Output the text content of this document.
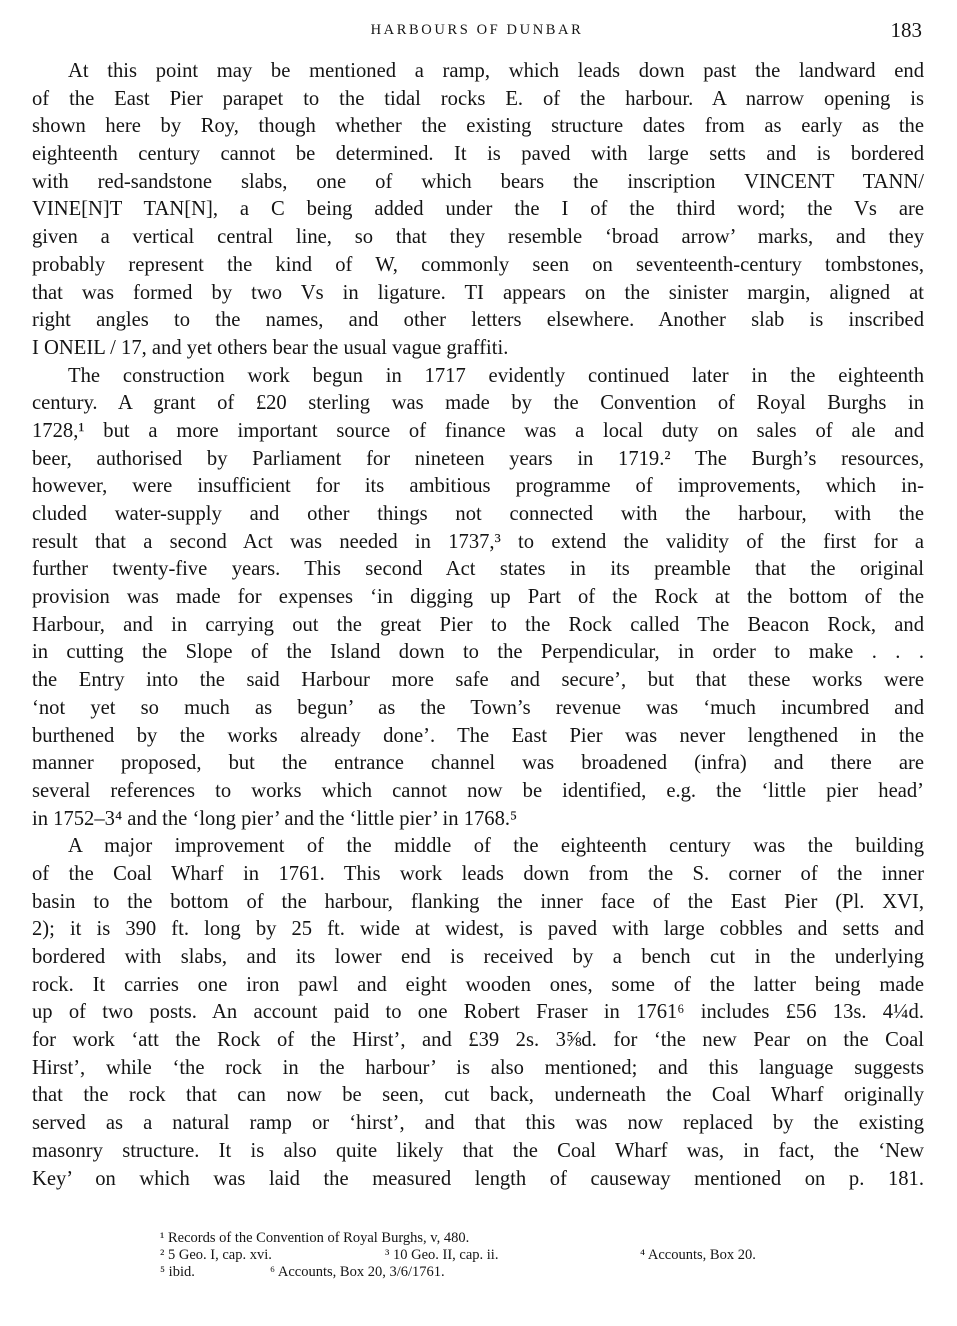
HARBOURS OF DUNBAR	183
At this point may be mentioned a ramp, which leads down past the landward end
of the East Pier parapet to the tidal rocks E. of the harbour. A narrow opening is
shown here by Roy, though whether the existing structure dates from as early as the
eighteenth century cannot be determined. It is paved with large setts and is bordered
with red-sandstone slabs, one of which bears the inscription VINCENT TANN/
VINE[N]T TAN[N], a C being added under the I of the third word; the Vs are
given a vertical central line, so that they resemble ‘broad arrow’ marks, and they
probably represent the kind of W, commonly seen on seventeenth-century tombstones,
that was formed by two Vs in ligature. TI appears on the sinister margin, aligned at
right angles to the names, and other letters elsewhere. Another slab is inscribed
I ONEIL / 17, and yet others bear the usual vague graffiti.
The construction work begun in 1717 evidently continued later in the eighteenth
century. A grant of £20 sterling was made by the Convention of Royal Burghs in
1728,¹ but a more important source of finance was a local duty on sales of ale and
beer, authorised by Parliament for nineteen years in 1719.² The Burgh’s resources,
however, were insufficient for its ambitious programme of improvements, which in-
cluded water-supply and other things not connected with the harbour, with the
result that a second Act was needed in 1737,³ to extend the validity of the first for a
further twenty-five years. This second Act states in its preamble that the original
provision was made for expenses ‘in digging up Part of the Rock at the bottom of the
Harbour, and in carrying out the great Pier to the Rock called The Beacon Rock, and
in cutting the Slope of the Island down to the Perpendicular, in order to make . . .
the Entry into the said Harbour more safe and secure’, but that these works were
‘not yet so much as begun’ as the Town’s revenue was ‘much incumbred and
burthened by the works already done’. The East Pier was never lengthened in the
manner proposed, but the entrance channel was broadened (infra) and there are
several references to works which cannot now be identified, e.g. the ‘little pier head’
in 1752–3⁴ and the ‘long pier’ and the ‘little pier’ in 1768.⁵
A major improvement of the middle of the eighteenth century was the building
of the Coal Wharf in 1761. This work leads down from the S. corner of the inner
basin to the bottom of the harbour, flanking the inner face of the East Pier (Pl. XVI,
2); it is 390 ft. long by 25 ft. wide at widest, is paved with large cobbles and setts and
bordered with slabs, and its lower end is received by a bench cut in the underlying
rock. It carries one iron pawl and eight wooden ones, some of the latter being made
up of two posts. An account paid to one Robert Fraser in 1761⁶ includes £56 13s. 4¼d.
for work ‘att the Rock of the Hirst’, and £39 2s. 3⅝d. for ‘the new Pear on the Coal
Hirst’, while ‘the rock in the harbour’ is also mentioned; and this language suggests
that the rock that can now be seen, cut back, underneath the Coal Wharf originally
served as a natural ramp or ‘hirst’, and that this was now replaced by the existing
masonry structure. It is also quite likely that the Coal Wharf was, in fact, the ‘New
Key’ on which was laid the measured length of causeway mentioned on p. 181.
¹ Records of the Convention of Royal Burghs, v, 480.
² 5 Geo. I, cap. xvi.	³ 10 Geo. II, cap. ii.	⁴ Accounts, Box 20.
⁵ ibid.	⁶ Accounts, Box 20, 3/6/1761.
